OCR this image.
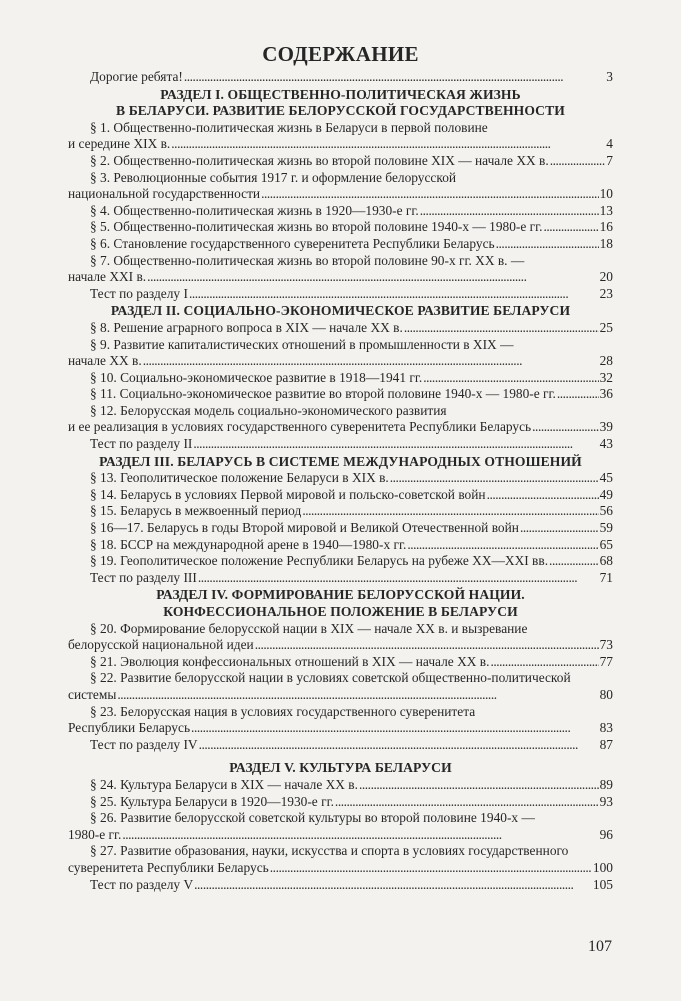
СОДЕРЖАНИЕ
Дорогие ребята! . . .	3
РАЗДЕЛ I. ОБЩЕСТВЕННО-ПОЛИТИЧЕСКАЯ ЖИЗНЬ
В БЕЛАРУСИ. РАЗВИТИЕ БЕЛОРУССКОЙ ГОСУДАРСТВЕННОСТИ
§ 1. Общественно-политическая жизнь в Беларуси в первой половине
и середине XIX в. . . .	4
§ 2. Общественно-политическая жизнь во второй половине XIX — начале XX в. . . .	7
§ 3. Революционные события 1917 г. и оформление белорусской
национальной государственности . . .	10
§ 4. Общественно-политическая жизнь в 1920—1930-е гг. . . .	13
§ 5. Общественно-политическая жизнь во второй половине 1940-х — 1980-е гг. . . .	16
§ 6. Становление государственного суверенитета Республики Беларусь . . .	18
§ 7. Общественно-политическая жизнь во второй половине 90-х гг. XX в. —
начале XXI в. . . .	20
Тест по разделу I . . .	23
РАЗДЕЛ II. СОЦИАЛЬНО-ЭКОНОМИЧЕСКОЕ РАЗВИТИЕ БЕЛАРУСИ
§ 8. Решение аграрного вопроса в XIX — начале XX в. . . .	25
§ 9. Развитие капиталистических отношений в промышленности в XIX —
начале XX в. . . .	28
§ 10. Социально-экономическое развитие в 1918—1941 гг. . . .	32
§ 11. Социально-экономическое развитие во второй половине 1940-х — 1980-е гг. . . .	36
§ 12. Белорусская модель социально-экономического развития
и ее реализация в условиях государственного суверенитета Республики Беларусь . . .	39
Тест по разделу II . . .	43
РАЗДЕЛ III. БЕЛАРУСЬ В СИСТЕМЕ МЕЖДУНАРОДНЫХ ОТНОШЕНИЙ
§ 13. Геополитическое положение Беларуси в XIX в. . . .	45
§ 14. Беларусь в условиях Первой мировой и польско-советской войн . . .	49
§ 15. Беларусь в межвоенный период . . .	56
§ 16—17. Беларусь в годы Второй мировой и Великой Отечественной войн . . .	59
§ 18. БССР на международной арене в 1940—1980-х гг. . . .	65
§ 19. Геополитическое положение Республики Беларусь на рубеже XX—XXI вв. . . .	68
Тест по разделу III . . .	71
РАЗДЕЛ IV. ФОРМИРОВАНИЕ БЕЛОРУССКОЙ НАЦИИ.
КОНФЕССИОНАЛЬНОЕ ПОЛОЖЕНИЕ В БЕЛАРУСИ
§ 20. Формирование белорусской нации в XIX — начале XX в. и вызревание
белорусской национальной идеи . . .	73
§ 21. Эволюция конфессиональных отношений в XIX — начале XX в. . . .	77
§ 22. Развитие белорусской нации в условиях советской общественно-политической
системы . . .	80
§ 23. Белорусская нация в условиях государственного суверенитета
Республики Беларусь . . .	83
Тест по разделу IV . . .	87
РАЗДЕЛ V. КУЛЬТУРА БЕЛАРУСИ
§ 24. Культура Беларуси в XIX — начале XX в. . . .	89
§ 25. Культура Беларуси в 1920—1930-е гг. . . .	93
§ 26. Развитие белорусской советской культуры во второй половине 1940-х —
1980-е гг. . . .	96
§ 27. Развитие образования, науки, искусства и спорта в условиях государственного
суверенитета Республики Беларусь . . .	100
Тест по разделу V . . .	105
107
